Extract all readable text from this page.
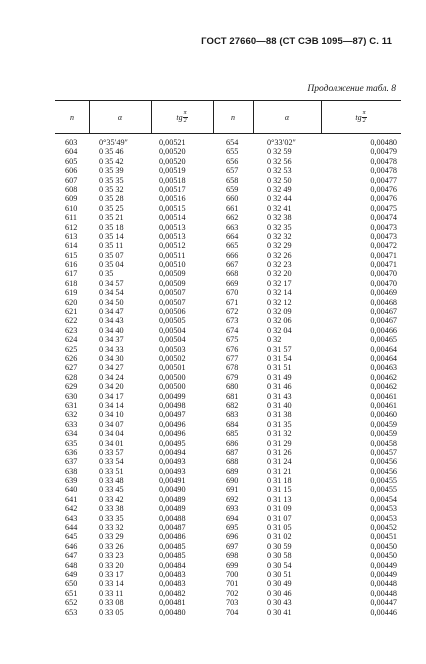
ГОСТ 27660—88 (СТ СЭВ 1095—87) С. 11
Продолжение табл. 8
n	α	tg $\frac{\pi}{2}$	n	α	tg $\frac{\pi}{2}$
603	0°35′49″	0,00521	654	0°33′02″	0,00480
604	0 35 46	0,00520	655	0 32 59	0,00479
605	0 35 42	0,00520	656	0 32 56	0,00478
606	0 35 39	0,00519	657	0 32 53	0,00478
607	0 35 35	0,00518	658	0 32 50	0,00477
608	0 35 32	0,00517	659	0 32 49	0,00476
609	0 35 28	0,00516	660	0 32 44	0,00476
610	0 35 25	0,00515	661	0 32 41	0,00475
611	0 35 21	0,00514	662	0 32 38	0,00474
612	0 35 18	0,00513	663	0 32 35	0,00473
613	0 35 14	0,00513	664	0 32 32	0,00473
614	0 35 11	0,00512	665	0 32 29	0,00472
615	0 35 07	0,00511	666	0 32 26	0,00471
616	0 35 04	0,00510	667	0 32 23	0,00471
617	0 35	0,00509	668	0 32 20	0,00470
618	0 34 57	0,00509	669	0 32 17	0,00470
619	0 34 54	0,00507	670	0 32 14	0,00469
620	0 34 50	0,00507	671	0 32 12	0,00468
621	0 34 47	0,00506	672	0 32 09	0,00467
622	0 34 43	0,00505	673	0 32 06	0,00467
623	0 34 40	0,00504	674	0 32 04	0,00466
624	0 34 37	0,00504	675	0 32	0,00465
625	0 34 33	0,00503	676	0 31 57	0,00464
626	0 34 30	0,00502	677	0 31 54	0,00464
627	0 34 27	0,00501	678	0 31 51	0,00463
628	0 34 24	0,00500	679	0 31 49	0,00462
629	0 34 20	0,00500	680	0 31 46	0,00462
630	0 34 17	0,00499	681	0 31 43	0,00461
631	0 34 14	0,00498	682	0 31 40	0,00461
632	0 34 10	0,00497	683	0 31 38	0,00460
633	0 34 07	0,00496	684	0 31 35	0,00459
634	0 34 04	0,00496	685	0 31 32	0,00459
635	0 34 01	0,00495	686	0 31 29	0,00458
636	0 33 57	0,00494	687	0 31 26	0,00457
637	0 33 54	0,00493	688	0 31 24	0,00456
638	0 33 51	0,00493	689	0 31 21	0,00456
639	0 33 48	0,00491	690	0 31 18	0,00455
640	0 33 45	0,00490	691	0 31 15	0,00455
641	0 33 42	0,00489	692	0 31 13	0,00454
642	0 33 38	0,00489	693	0 31 09	0,00453
643	0 33 35	0,00488	694	0 31 07	0,00453
644	0 33 32	0,00487	695	0 31 05	0,00452
645	0 33 29	0,00486	696	0 31 02	0,00451
646	0 33 26	0,00485	697	0 30 59	0,00450
647	0 33 23	0,00485	698	0 30 58	0,00450
648	0 33 20	0,00484	699	0 30 54	0,00449
649	0 33 17	0,00483	700	0 30 51	0,00449
650	0 33 14	0,00483	701	0 30 49	0,00448
651	0 33 11	0,00482	702	0 30 46	0,00448
652	0 33 08	0,00481	703	0 30 43	0,00447
653	0 33 05	0,00480	704	0 30 41	0,00446
